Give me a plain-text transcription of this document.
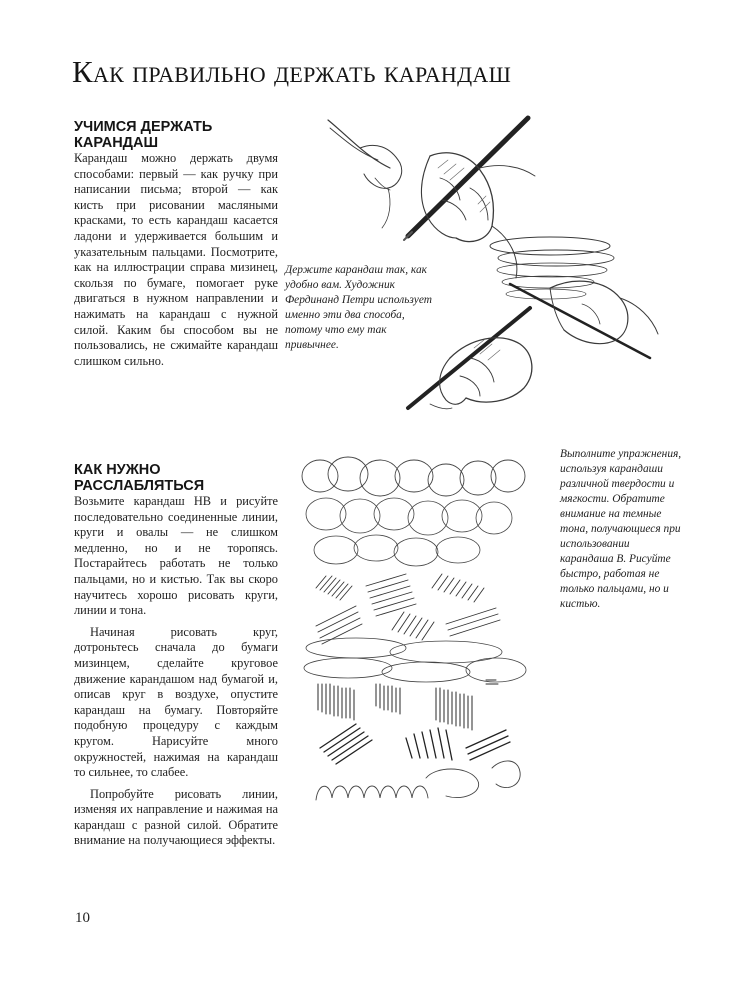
Как правильно держать карандаш
УЧИМСЯ ДЕРЖАТЬ
КАРАНДАШ

Карандаш можно держать двумя способами: первый — как ручку при написании письма; второй — как кисть при рисовании масляными красками, то есть карандаш касается ладони и удерживается большим и указательным пальцами. Посмотрите, как на иллюстрации справа мизинец, скользя по бумаге, помогает руке двигаться в нужном направлении и нажимать на карандаш с нужной силой. Каким бы способом вы не пользовались, не сжимайте карандаш слишком сильно.

Держите карандаш так, как удобно вам. Художник Фердинанд Петри использует именно эти два способа, потому что ему так привычнее.
КАК НУЖНО
РАССЛАБЛЯТЬСЯ

Возьмите карандаш HB и рисуйте последовательно соединенные линии, круги и овалы — не слишком медленно, но и не торопясь. Постарайтесь работать не только пальцами, но и кистью. Так вы скоро научитесь хорошо рисовать круги, линии и тона.

Начиная рисовать круг, дотроньтесь сначала до бумаги мизинцем, сделайте круговое движение карандашом над бумагой и, описав круг в воздухе, опустите карандаш на бумагу. Повторяйте подобную процедуру с каждым кругом. Нарисуйте много окружностей, нажимая на карандаш то сильнее, то слабее.

Попробуйте рисовать линии, изменяя их направление и нажимая на карандаш с разной силой. Обратите внимание на получающиеся эффекты.

Выполните упражнения, используя карандаши различной твердости и мягкости. Обратите внимание на темные тона, получающиеся при использовании карандаша B. Рисуйте быстро, работая не только пальцами, но и кистью.
10
